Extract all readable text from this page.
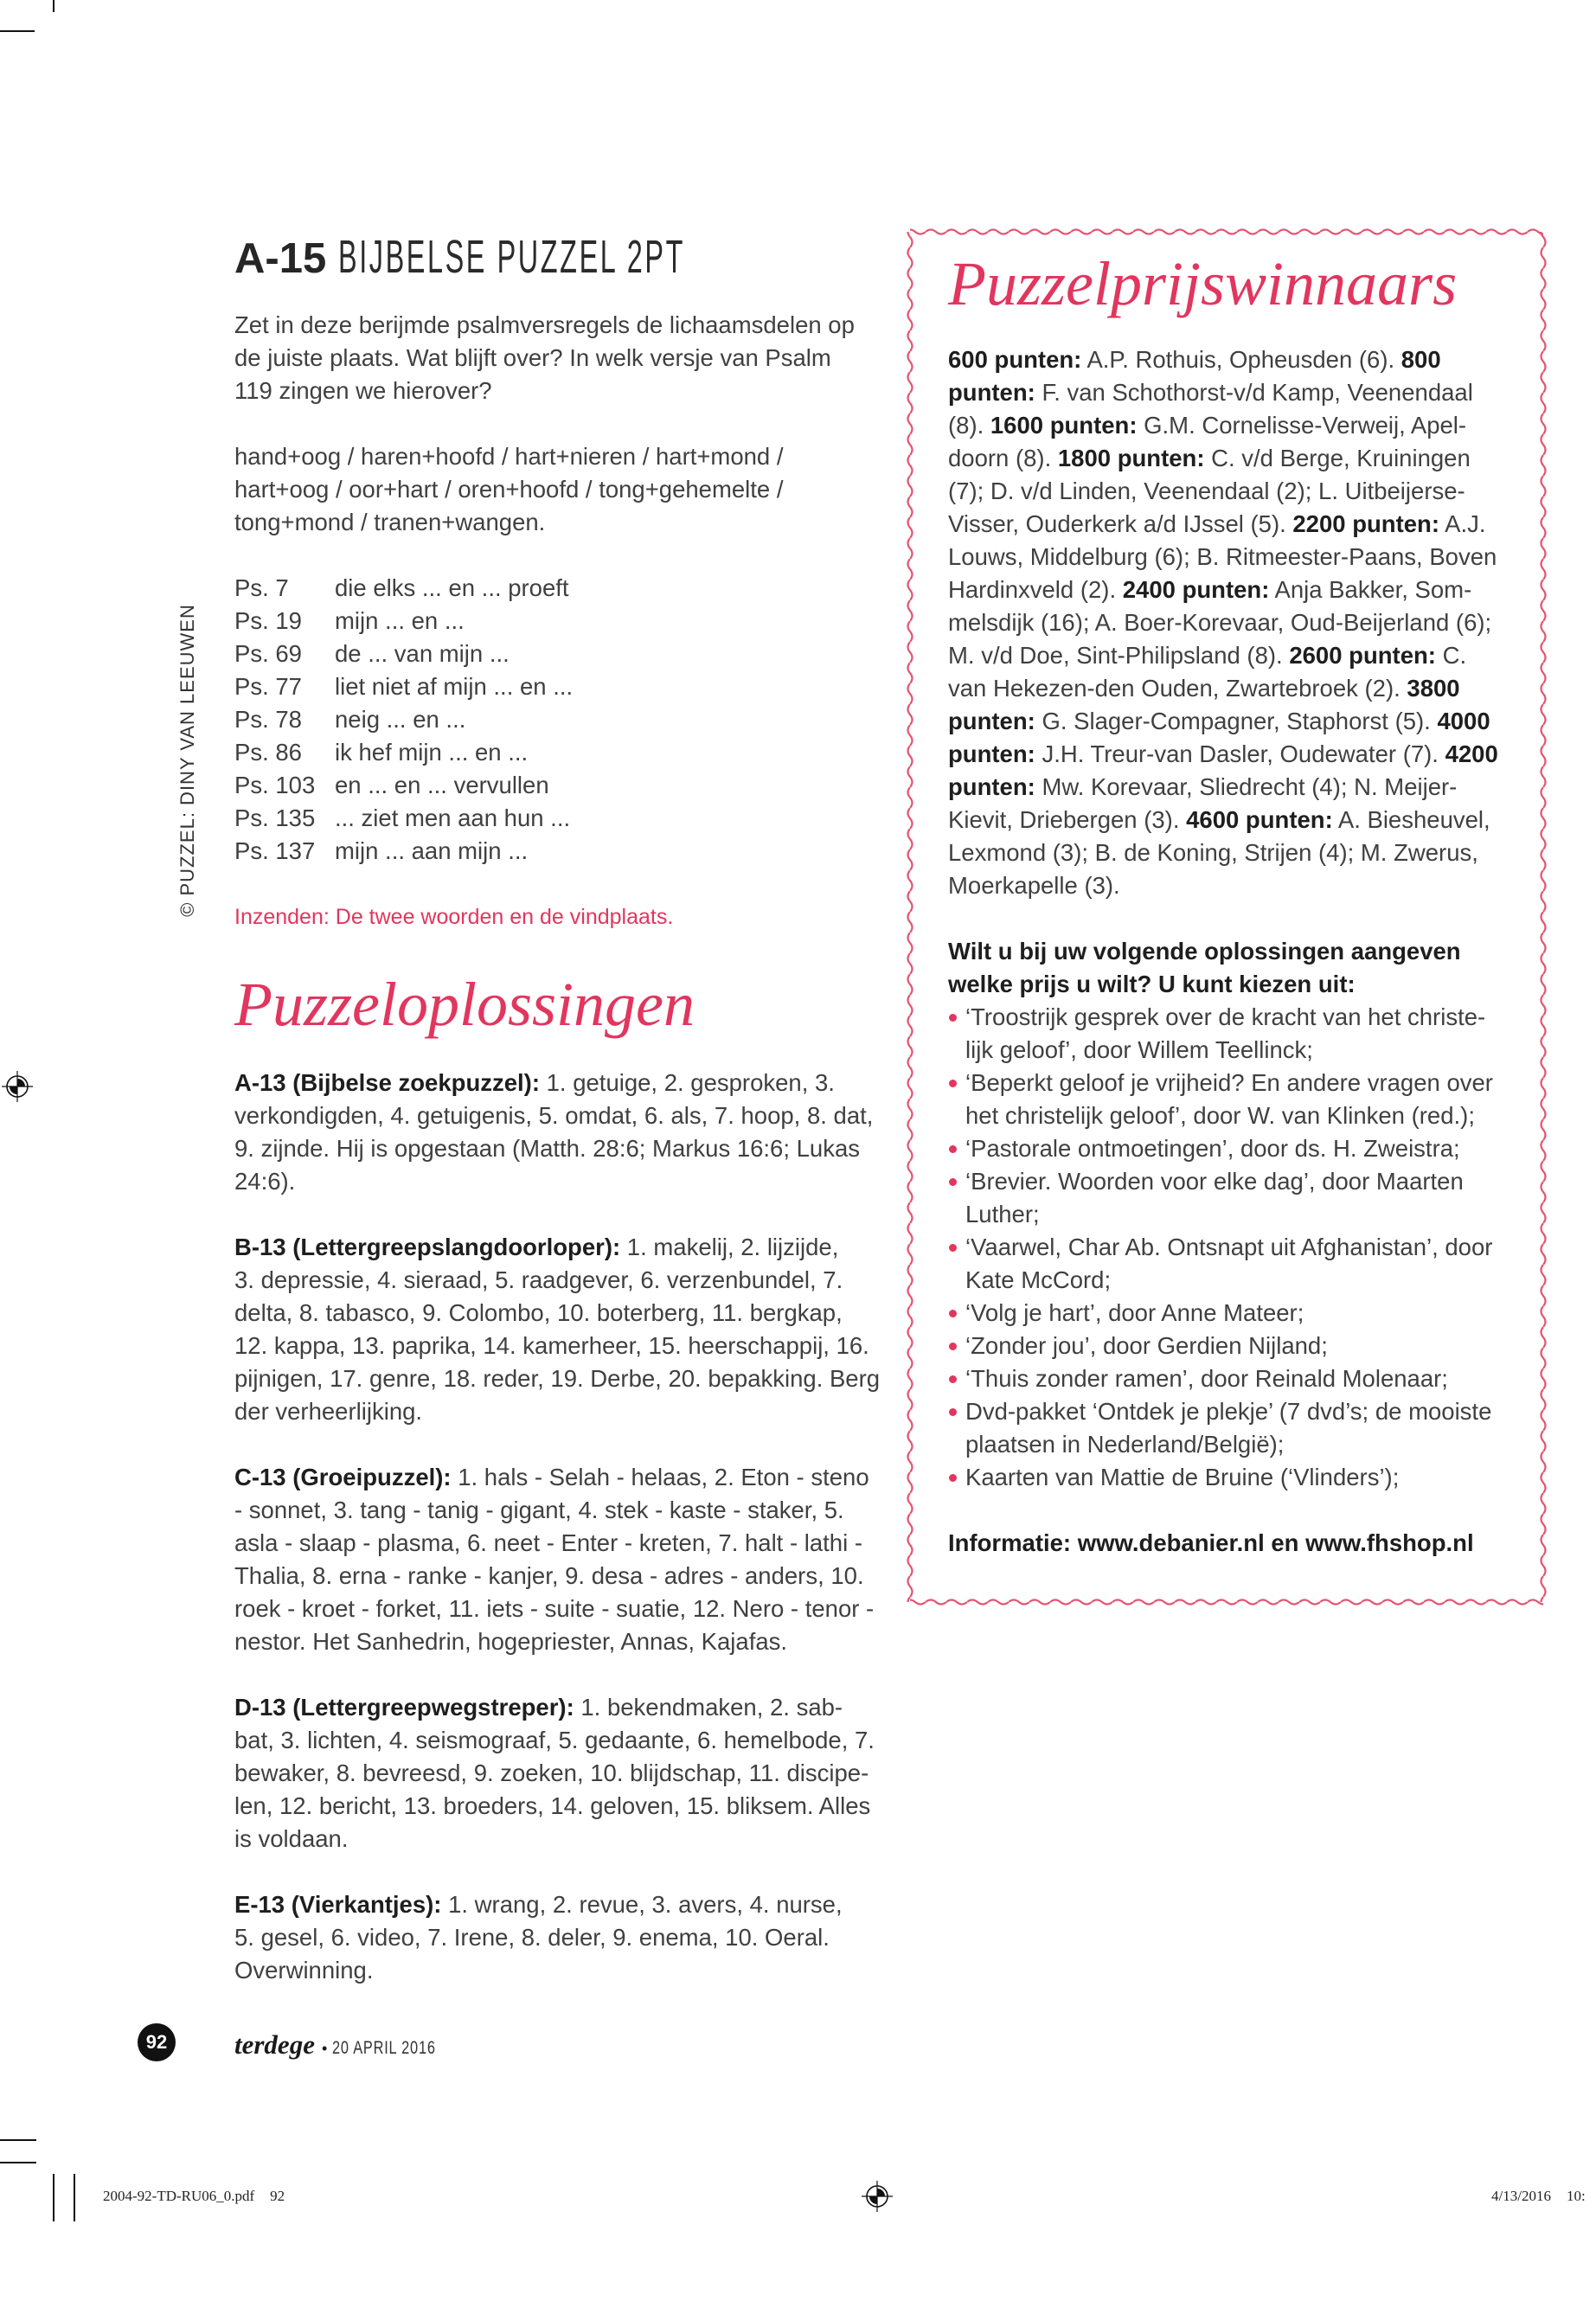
© PUZZEL: DINY VAN LEEUWEN
A-15 BIJBELSE PUZZEL 2PT
Zet in deze berijmde psalmversregels de lichaamsdelen op
de juiste plaats. Wat blijft over? In welk versje van Psalm
119 zingen we hierover?
hand+oog / haren+hoofd / hart+nieren / hart+mond /
hart+oog / oor+hart / oren+hoofd / tong+gehemelte /
tong+mond / tranen+wangen.
Ps. 7 die elks ... en ... proeft
Ps. 19 mijn ... en ...
Ps. 69 de ... van mijn ...
Ps. 77 liet niet af mijn ... en ...
Ps. 78 neig ... en ...
Ps. 86 ik hef mijn ... en ...
Ps. 103 en ... en ... vervullen
Ps. 135 ... ziet men aan hun ...
Ps. 137 mijn ... aan mijn ...
Inzenden: De twee woorden en de vindplaats.
Puzzeloplossingen
A-13 (Bijbelse zoekpuzzel): 1. getuige, 2. gesproken, 3.
verkondigden, 4. getuigenis, 5. omdat, 6. als, 7. hoop, 8. dat,
9. zijnde. Hij is opgestaan (Matth. 28:6; Markus 16:6; Lukas
24:6).
B-13 (Lettergreepslangdoorloper): 1. makelij, 2. lijzijde,
3. depressie, 4. sieraad, 5. raadgever, 6. verzenbundel, 7.
delta, 8. tabasco, 9. Colombo, 10. boterberg, 11. bergkap,
12. kappa, 13. paprika, 14. kamerheer, 15. heerschappij, 16.
pijnigen, 17. genre, 18. reder, 19. Derbe, 20. bepakking. Berg
der verheerlijking.
C-13 (Groeipuzzel): 1. hals - Selah - helaas, 2. Eton - steno
- sonnet, 3. tang - tanig - gigant, 4. stek - kaste - staker, 5.
asla - slaap - plasma, 6. neet - Enter - kreten, 7. halt - lathi -
Thalia, 8. erna - ranke - kanjer, 9. desa - adres - anders, 10.
roek - kroet - forket, 11. iets - suite - suatie, 12. Nero - tenor -
nestor. Het Sanhedrin, hogepriester, Annas, Kajafas.
D-13 (Lettergreepwegstreper): 1. bekendmaken, 2. sab-
bat, 3. lichten, 4. seismograaf, 5. gedaante, 6. hemelbode, 7.
bewaker, 8. bevreesd, 9. zoeken, 10. blijdschap, 11. discipe-
len, 12. bericht, 13. broeders, 14. geloven, 15. bliksem. Alles
is voldaan.
E-13 (Vierkantjes): 1. wrang, 2. revue, 3. avers, 4. nurse,
5. gesel, 6. video, 7. Irene, 8. deler, 9. enema, 10. Oeral.
Overwinning.
Puzzelprijswinnaars
600 punten: A.P. Rothuis, Opheusden (6). 800
punten: F. van Schothorst-v/d Kamp, Veenendaal
(8). 1600 punten: G.M. Cornelisse-Verweij, Apel-
doorn (8). 1800 punten: C. v/d Berge, Kruiningen
(7); D. v/d Linden, Veenendaal (2); L. Uitbeijerse-
Visser, Ouderkerk a/d IJssel (5). 2200 punten: A.J.
Louws, Middelburg (6); B. Ritmeester-Paans, Boven
Hardinxveld (2). 2400 punten: Anja Bakker, Som-
melsdijk (16); A. Boer-Korevaar, Oud-Beijerland (6);
M. v/d Doe, Sint-Philipsland (8). 2600 punten: C.
van Hekezen-den Ouden, Zwartebroek (2). 3800
punten: G. Slager-Compagner, Staphorst (5). 4000
punten: J.H. Treur-van Dasler, Oudewater (7). 4200
punten: Mw. Korevaar, Sliedrecht (4); N. Meijer-
Kievit, Driebergen (3). 4600 punten: A. Biesheuvel,
Lexmond (3); B. de Koning, Strijen (4); M. Zwerus,
Moerkapelle (3).
Wilt u bij uw volgende oplossingen aangeven
welke prijs u wilt? U kunt kiezen uit:
‘Troostrijk gesprek over de kracht van het christe-
lijk geloof’, door Willem Teellinck;
‘Beperkt geloof je vrijheid? En andere vragen over
het christelijk geloof’, door W. van Klinken (red.);
‘Pastorale ontmoetingen’, door ds. H. Zweistra;
‘Brevier. Woorden voor elke dag’, door Maarten
Luther;
‘Vaarwel, Char Ab. Ontsnapt uit Afghanistan’, door
Kate McCord;
‘Volg je hart’, door Anne Mateer;
‘Zonder jou’, door Gerdien Nijland;
‘Thuis zonder ramen’, door Reinald Molenaar;
Dvd-pakket ‘Ontdek je plekje’ (7 dvd’s; de mooiste
plaatsen in Nederland/België);
Kaarten van Mattie de Bruine (‘Vlinders’);
Informatie: www.debanier.nl en www.fhshop.nl
92	terdege • 20 APRIL 2016
2004-92-TD-RU06_0.pdf 92	4/13/2016 10:
